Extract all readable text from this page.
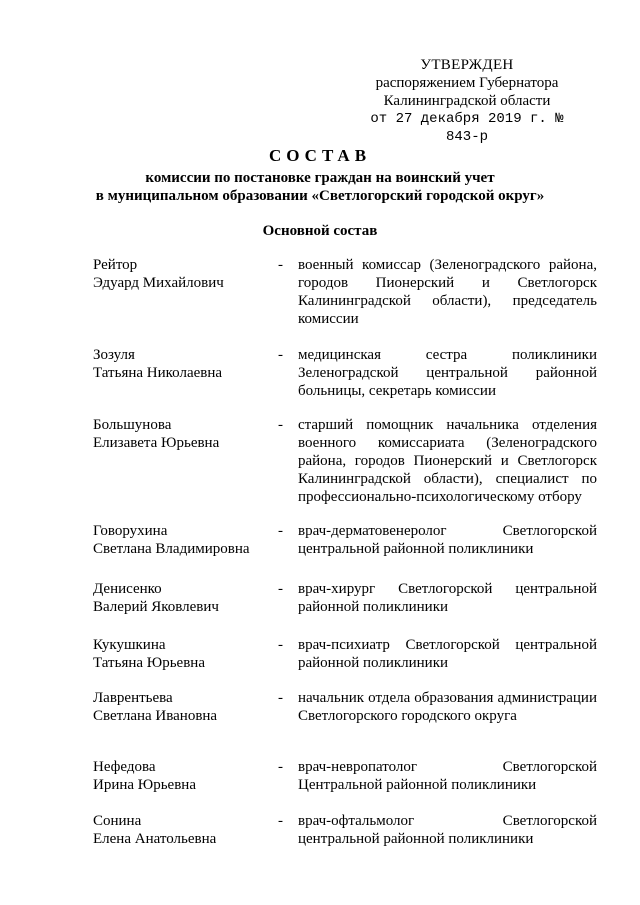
УТВЕРЖДЕН
распоряжением Губернатора
Калининградской области
от 27 декабря 2019 г. № 843-р
СОСТАВ
комиссии по постановке граждан на воинский учет
в муниципальном образовании «Светлогорский городской округ»
Основной состав
Рейтор
Эдуард Михайлович
-	военный комиссар (Зеленоградского района, городов Пионерский и Светлогорск Калининградской области), председатель комиссии
Зозуля
Татьяна Николаевна
-	медицинская сестра поликлиники Зеленоградской центральной районной больницы, секретарь комиссии
Большунова
Елизавета Юрьевна
-	старший помощник начальника отделения военного комиссариата (Зеленоградского района, городов Пионерский и Светлогорск Калининградской области), специалист по профессионально-психологическому отбору
Говорухина
Светлана Владимировна
-	врач-дерматовенеролог Светлогорской центральной районной поликлиники
Денисенко
Валерий Яковлевич
-	врач-хирург Светлогорской центральной районной поликлиники
Кукушкина
Татьяна Юрьевна
-	врач-психиатр Светлогорской центральной районной поликлиники
Лаврентьева
Светлана Ивановна
-	начальник отдела образования администрации Светлогорского городского округа
Нефедова
Ирина Юрьевна
-	врач-невропатолог Светлогорской Центральной районной поликлиники
Сонина
Елена Анатольевна
-	врач-офтальмолог Светлогорской центральной районной поликлиники
